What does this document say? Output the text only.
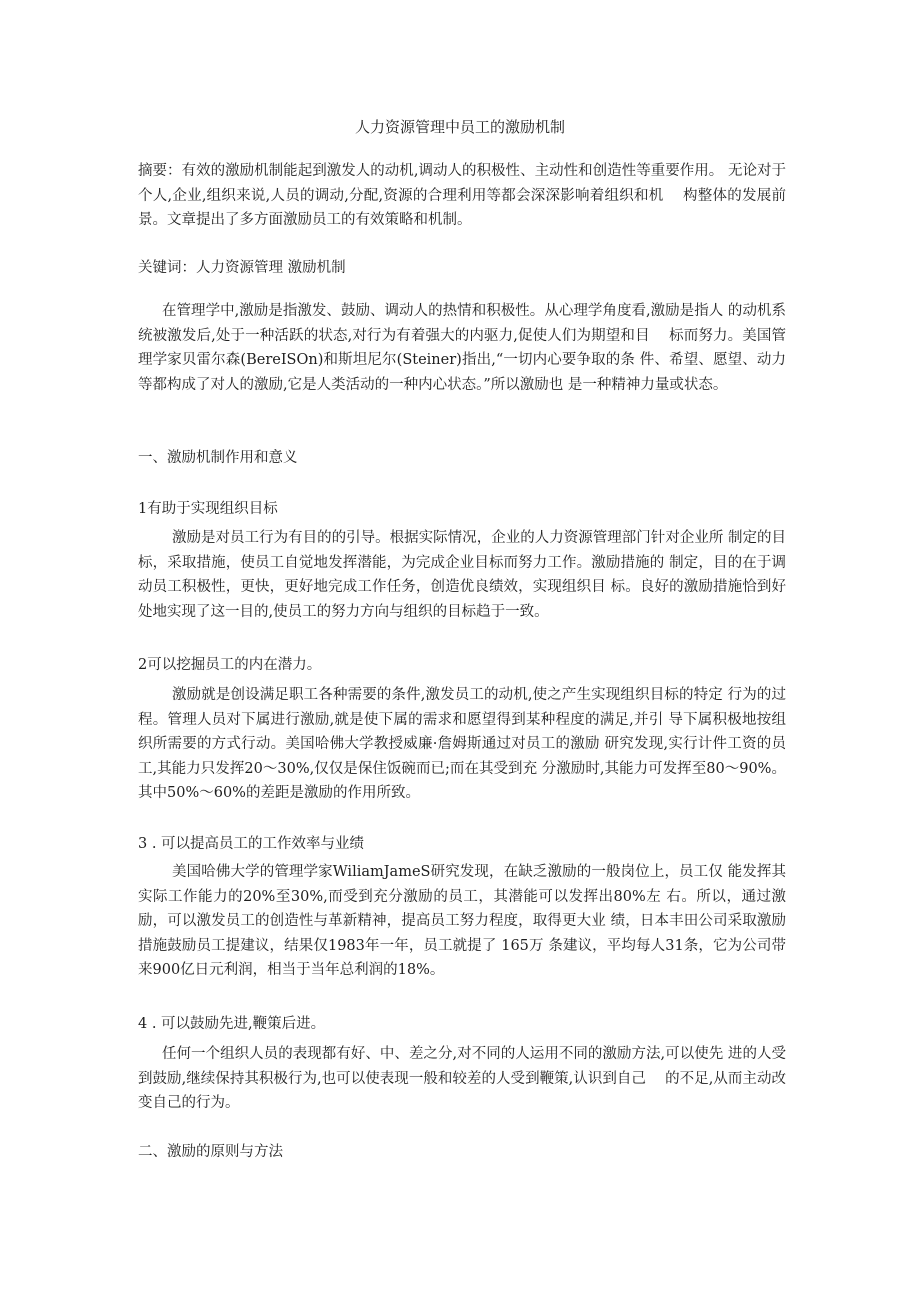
人力资源管理中员工的激励机制

摘要：有效的激励机制能起到激发人的动机,调动人的积极性、主动性和创造性等重要作用。 无论对于个人,企业,组织来说,人员的调动,分配,资源的合理利用等都会深深影响着组织和机　 构整体的发展前景。文章提出了多方面激励员工的有效策略和机制。

关键词：人力资源管理 激励机制

在管理学中,激励是指激发、鼓励、调动人的热情和积极性。从心理学角度看,激励是指人 的动机系统被激发后,处于一种活跃的状态,对行为有着强大的内驱力,促使人们为期望和目　 标而努力。美国管理学家贝雷尔森(BereISOn)和斯坦尼尔(Steiner)指出,“一切内心要争取的条 件、希望、愿望、动力等都构成了对人的激励,它是人类活动的一种内心状态。”所以激励也 是一种精神力量或状态。

一、激励机制作用和意义

1有助于实现组织目标

激励是对员工行为有目的的引导。根据实际情况，企业的人力资源管理部门针对企业所 制定的目标，采取措施，使员工自觉地发挥潜能，为完成企业目标而努力工作。激励措施的 制定，目的在于调动员工积极性，更快，更好地完成工作任务，创造优良绩效，实现组织目 标。良好的激励措施恰到好处地实现了这一目的,使员工的努力方向与组织的目标趋于一致。

2可以挖掘员工的内在潜力。

激励就是创设满足职工各种需要的条件,激发员工的动机,使之产生实现组织目标的特定 行为的过程。管理人员对下属进行激励,就是使下属的需求和愿望得到某种程度的满足,并引 导下属积极地按组织所需要的方式行动。美国哈佛大学教授威廉·詹姆斯通过对员工的激励 研究发现,实行计件工资的员工,其能力只发挥20～30%,仅仅是保住饭碗而已;而在其受到充 分激励时,其能力可发挥至80～90%。其中50%～60%的差距是激励的作用所致。

3 . 可以提高员工的工作效率与业绩

美国哈佛大学的管理学家WiliamJameS研究发现，在缺乏激励的一般岗位上，员工仅 能发挥其实际工作能力的20%至30%,而受到充分激励的员工，其潜能可以发挥出80%左 右。所以，通过激励，可以激发员工的创造性与革新精神，提高员工努力程度，取得更大业 绩，日本丰田公司采取激励措施鼓励员工提建议，结果仅1983年一年，员工就提了 165万 条建议，平均每人31条，它为公司带来900亿日元利润，相当于当年总利润的18%。

4 . 可以鼓励先进,鞭策后进。

任何一个组织人员的表现都有好、中、差之分,对不同的人运用不同的激励方法,可以使先 进的人受到鼓励,继续保持其积极行为,也可以使表现一般和较差的人受到鞭策,认识到自己　 的不足,从而主动改变自己的行为。

二、激励的原则与方法
